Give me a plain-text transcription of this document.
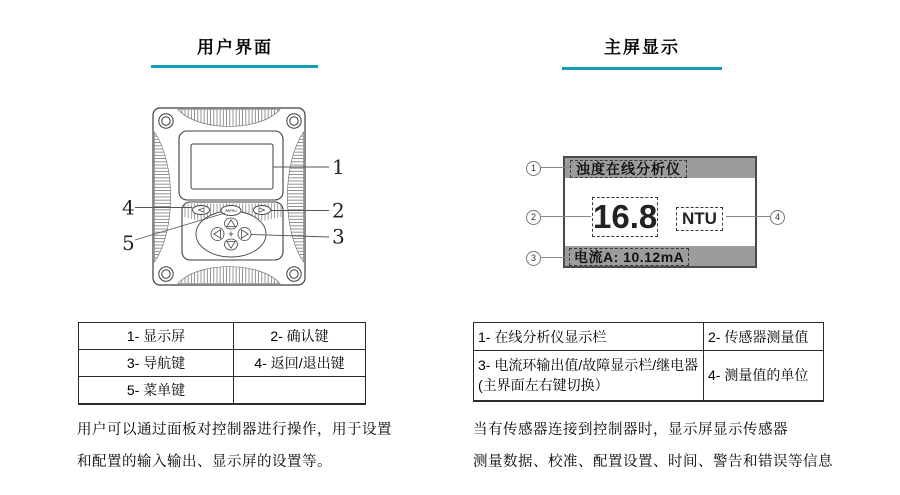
用户界面
Menu
1
2
3
4
5
1- 显示屏	2- 确认键
3- 导航键	4- 返回/退出键
5- 菜单键	
用户可以通过面板对控制器进行操作，用于设置
和配置的输入输出、显示屏的设置等。
主屏显示
浊度在线分析仪
16.8	NTU
电流A: 10.12mA
1
2
3
4
1- 在线分析仪显示栏	2- 传感器测量值

3- 电流环输出值/故障显示栏/继电器
(主界面左右键切换）	4- 测量值的单位
当有传感器连接到控制器时，显示屏显示传感器
测量数据、校准、配置设置、时间、警告和错误等信息
